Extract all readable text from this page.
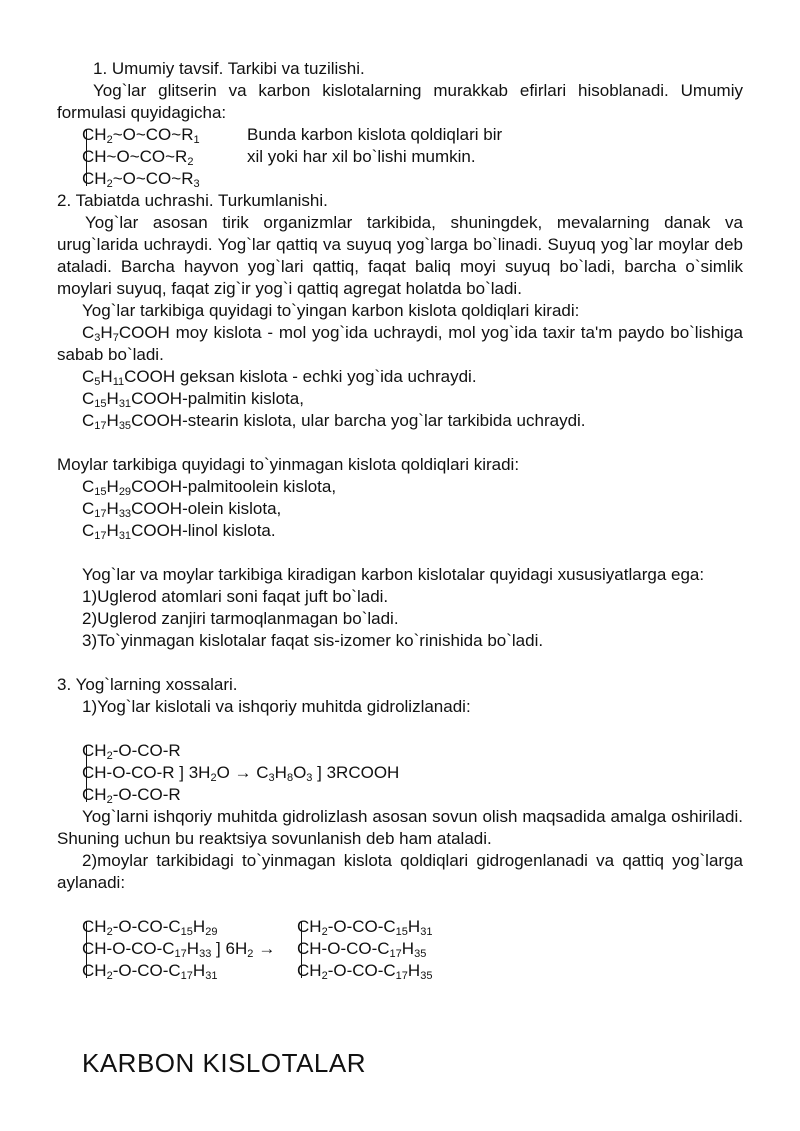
1. Umumiy tavsif. Tarkibi va tuzilishi.

Yog`lar glitserin va karbon kislotalarning murakkab efirlari hisoblanadi. Umumiy formulasi quyidagicha:

$CH_2\sim O\sim CO\sim R_1$
$CH\sim O\sim CO\sim R_2$
$CH_2\sim O\sim CO\sim R_3$
Bunda karbon kislota qoldiqlari bir
xil yoki har xil bo`lishi mumkin.

2. Tabiatda uchrashi. Turkumlanishi.

Yog`lar asosan tirik organizmlar tarkibida, shuningdek, mevalarning danak va urug`larida uchraydi. Yog`lar qattiq va suyuq yog`larga bo`linadi. Suyuq yog`lar moylar deb ataladi. Barcha hayvon yog`lari qattiq, faqat baliq moyi suyuq bo`ladi, barcha o`simlik moylari suyuq, faqat zig`ir yog`i qattiq agregat holatda bo`ladi.

Yog`lar tarkibiga quyidagi to`yingan karbon kislota qoldiqlari kiradi:

$C_3H_7COOH$ moy kislota - mol yog`ida uchraydi, mol yog`ida taxir ta'm paydo bo`lishiga sabab bo`ladi.

$C_5H_{11}COOH$ geksan kislota - echki yog`ida uchraydi.

$C_{15}H_{31}COOH$-palmitin kislota,

$C_{17}H_{35}COOH$-stearin kislota, ular barcha yog`lar tarkibida uchraydi.

Moylar tarkibiga quyidagi to`yinmagan kislota qoldiqlari kiradi:

$C_{15}H_{29}COOH$-palmitoolein kislota,

$C_{17}H_{33}COOH$-olein kislota,

$C_{17}H_{31}COOH$-linol kislota.

Yog`lar va moylar tarkibiga kiradigan karbon kislotalar quyidagi xususiyatlarga ega:

1)Uglerod atomlari soni faqat juft bo`ladi.

2)Uglerod zanjiri tarmoqlanmagan bo`ladi.

3)To`yinmagan kislotalar faqat sis-izomer ko`rinishida bo`ladi.

3. Yog`larning xossalari.

1)Yog`lar kislotali va ishqoriy muhitda gidrolizlanadi:

$CH_2-O-CO-R$
CH-O-CO-R ] $3H_2O \to C_3H_8O_3$ ] 3RCOOH
$CH_2-O-CO-R$

Yog`larni ishqoriy muhitda gidrolizlash asosan sovun olish maqsadida amalga oshiriladi. Shuning uchun bu reaktsiya sovunlanish deb ham ataladi.

2)moylar tarkibidagi to`yinmagan kislota qoldiqlari gidrogenlanadi va qattiq yog`larga aylanadi:

$CH_2-O-CO-C_{15}H_{29}$
$CH-O-CO-C_{17}H_{33}$ ] $6H_2$ →
$CH_2-O-CO-C_{17}H_{31}$
$CH_2-O-CO-C_{15}H_{31}$
$CH-O-CO-C_{17}H_{35}$
$CH_2-O-CO-C_{17}H_{35}$
KARBON KISLOTALAR
